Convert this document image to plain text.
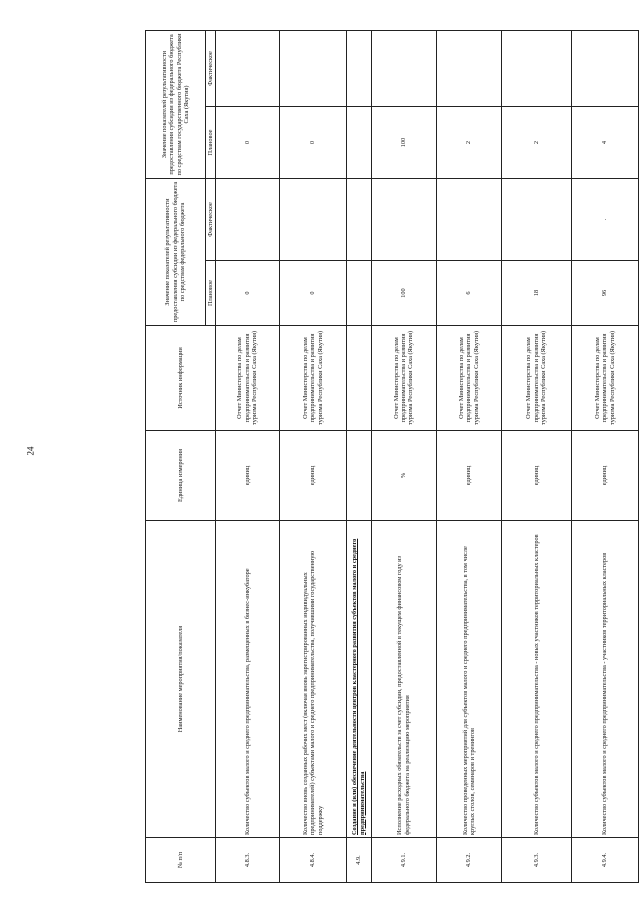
24
№ п/п	Наименование мероприятия/показателя	Единица измерения	Источник информации	Значение показателей результативности предоставления субсидии из федерального бюджета по средствам федерального бюджета		Значение показателей результативности предоставления субсидии из федерального бюджета по средствам государственного бюджета Республики Саха (Якутия)	
				Плановое	Фактическое	Плановое	Фактическое
4.8.3.	Количество субъектов малого и среднего предпринимательства, размещенных в бизнес-инкубаторе	единиц	Отчет Министерства по делам предпринимательства и развития туризма Республики Саха (Якутия)	0		0	
4.8.4.	Количество вновь созданных рабочих мест (включая вновь зарегистрированных индивидуальных предпринимателей) субъектами малого и среднего предпринимательства, получившими государственную поддержку	единиц	Отчет Министерства по делам предпринимательства и развития туризма Республики Саха (Якутия)	0		0	
4.9.	Создание и (или) обеспечение деятельности центров кластерного развития субъектов малого и среднего предпринимательства						
4.9.1.	Исполнение расходных обязательств за счет субсидии, предоставленной в текущем финансовом году из федерального бюджета на реализацию мероприятия	%	Отчет Министерства по делам предпринимательства и развития туризма Республики Саха (Якутия)	100		100	
4.9.2.	Количество проведенных мероприятий для субъектов малого и среднего предпринимательства, в том числе круглых столов, семинаров и тренингов	единиц	Отчет Министерства по делам предпринимательства и развития туризма Республики Саха (Якутия)	6		2	
4.9.3.	Количество субъектов малого и среднего предпринимательства - новых участников территориальных кластеров	единиц	Отчет Министерства по делам предпринимательства и развития туризма Республики Саха (Якутия)	18		2	
4.9.4.	Количество субъектов малого и среднего предпринимательства - участников территориальных кластеров	единиц	Отчет Министерства по делам предпринимательства и развития туризма Республики Саха (Якутия)	96	.	4	
